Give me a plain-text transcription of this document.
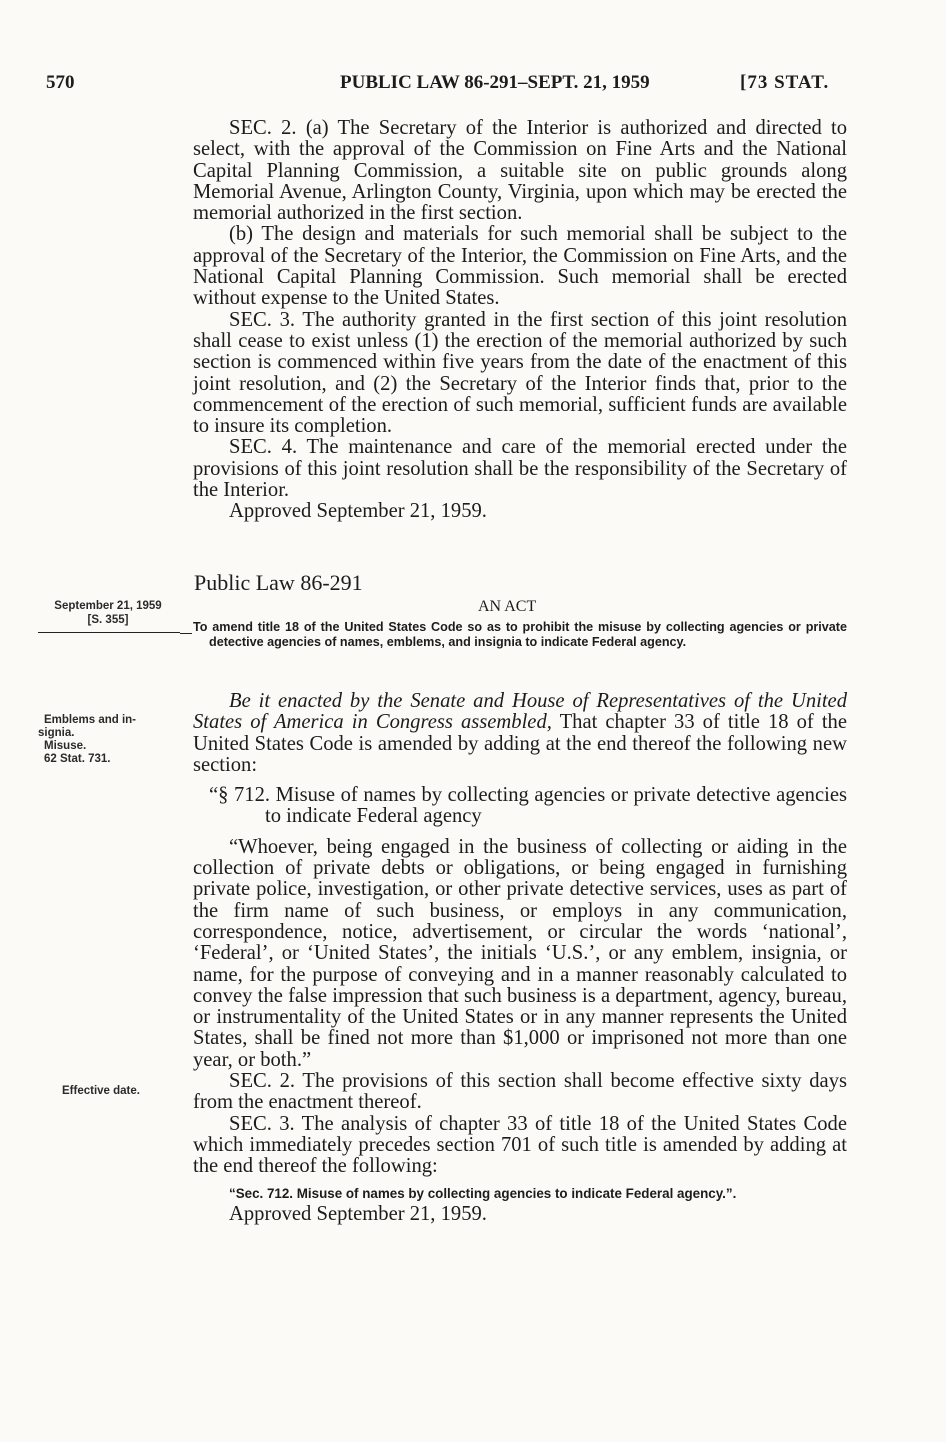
570	PUBLIC LAW 86-291–SEPT. 21, 1959	[73 STAT.

SEC. 2. (a) The Secretary of the Interior is authorized and directed to select, with the approval of the Commission on Fine Arts and the National Capital Planning Commission, a suitable site on public grounds along Memorial Avenue, Arlington County, Virginia, upon which may be erected the memorial authorized in the first section.

(b) The design and materials for such memorial shall be subject to the approval of the Secretary of the Interior, the Commission on Fine Arts, and the National Capital Planning Commission. Such memorial shall be erected without expense to the United States.

SEC. 3. The authority granted in the first section of this joint resolution shall cease to exist unless (1) the erection of the memorial authorized by such section is commenced within five years from the date of the enactment of this joint resolution, and (2) the Secretary of the Interior finds that, prior to the commencement of the erection of such memorial, sufficient funds are available to insure its completion.

SEC. 4. The maintenance and care of the memorial erected under the provisions of this joint resolution shall be the responsibility of the Secretary of the Interior.

Approved September 21, 1959.

Public Law 86-291
September 21, 1959
[S. 355]
AN ACT
To amend title 18 of the United States Code so as to prohibit the misuse by collecting agencies or private detective agencies of names, emblems, and insignia to indicate Federal agency.
Emblems and in-
signia.
Misuse.
62 Stat. 731.

Be it enacted by the Senate and House of Representatives of the United States of America in Congress assembled, That chapter 33 of title 18 of the United States Code is amended by adding at the end thereof the following new section:

“§ 712. Misuse of names by collecting agencies or private detective agencies to indicate Federal agency

“Whoever, being engaged in the business of collecting or aiding in the collection of private debts or obligations, or being engaged in furnishing private police, investigation, or other private detective services, uses as part of the firm name of such business, or employs in any communication, correspondence, notice, advertisement, or circular the words ‘national’, ‘Federal’, or ‘United States’, the initials ‘U.S.’, or any emblem, insignia, or name, for the purpose of conveying and in a manner reasonably calculated to convey the false impression that such business is a department, agency, bureau, or instrumentality of the United States or in any manner represents the United States, shall be fined not more than $1,000 or imprisoned not more than one year, or both.”

SEC. 2. The provisions of this section shall become effective sixty days from the enactment thereof.

SEC. 3. The analysis of chapter 33 of title 18 of the United States Code which immediately precedes section 701 of such title is amended by adding at the end thereof the following:

“Sec. 712. Misuse of names by collecting agencies to indicate Federal agency.”.

Approved September 21, 1959.

Effective date.
